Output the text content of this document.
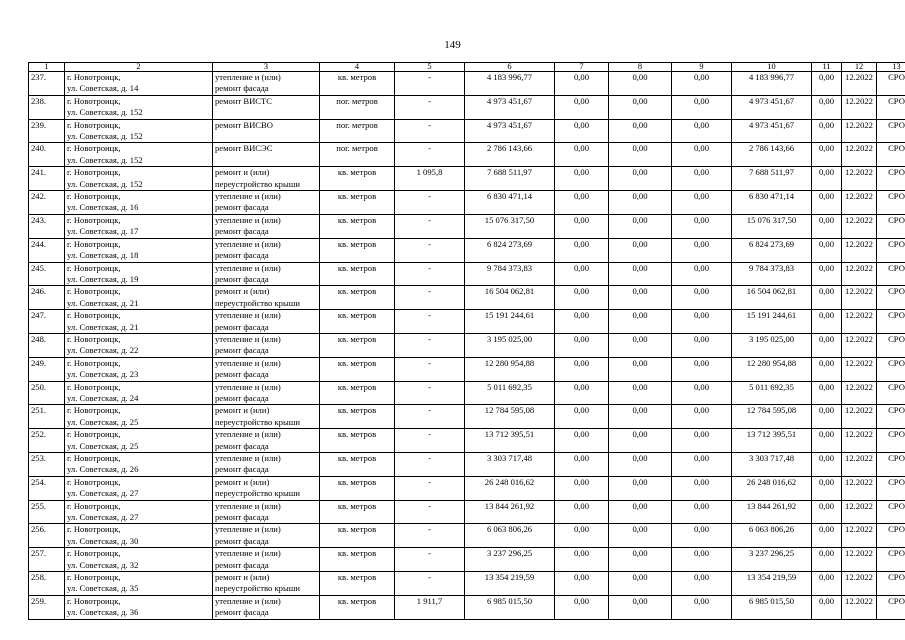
149
1	2	3	4	5	6	7	8	9	10	11	12	13

237.	г. Новотроицк,
ул. Советская, д. 14	утепление и (или)
ремонт фасада	кв. метров	-	4 183 996,77	0,00	0,00	0,00	4 183 996,77	0,00	12.2022	СРО

238.	г. Новотроицк,
ул. Советская, д. 152	ремонт ВИСТС	пог. метров	-	4 973 451,67	0,00	0,00	0,00	4 973 451,67	0,00	12.2022	СРО

239.	г. Новотроицк,
ул. Советская, д. 152	ремонт ВИСВО	пог. метров	-	4 973 451,67	0,00	0,00	0,00	4 973 451,67	0,00	12.2022	СРО

240.	г. Новотроицк,
ул. Советская, д. 152	ремонт ВИСЭС	пог. метров	-	2 786 143,66	0,00	0,00	0,00	2 786 143,66	0,00	12.2022	СРО

241.	г. Новотроицк,
ул. Советская, д. 152	ремонт и (или)
переустройство крыши	кв. метров	1 095,8	7 688 511,97	0,00	0,00	0,00	7 688 511,97	0,00	12.2022	СРО

242.	г. Новотроицк,
ул. Советская, д. 16	утепление и (или)
ремонт фасада	кв. метров	-	6 830 471,14	0,00	0,00	0,00	6 830 471,14	0,00	12.2022	СРО

243.	г. Новотроицк,
ул. Советская, д. 17	утепление и (или)
ремонт фасада	кв. метров	-	15 076 317,50	0,00	0,00	0,00	15 076 317,50	0,00	12.2022	СРО

244.	г. Новотроицк,
ул. Советская, д. 18	утепление и (или)
ремонт фасада	кв. метров	-	6 824 273,69	0,00	0,00	0,00	6 824 273,69	0,00	12.2022	СРО

245.	г. Новотроицк,
ул. Советская, д. 19	утепление и (или)
ремонт фасада	кв. метров	-	9 784 373,83	0,00	0,00	0,00	9 784 373,83	0,00	12.2022	СРО

246.	г. Новотроицк,
ул. Советская, д. 21	ремонт и (или)
переустройство крыши	кв. метров	-	16 504 062,81	0,00	0,00	0,00	16 504 062,81	0,00	12.2022	СРО

247.	г. Новотроицк,
ул. Советская, д. 21	утепление и (или)
ремонт фасада	кв. метров	-	15 191 244,61	0,00	0,00	0,00	15 191 244,61	0,00	12.2022	СРО

248.	г. Новотроицк,
ул. Советская, д. 22	утепление и (или)
ремонт фасада	кв. метров	-	3 195 025,00	0,00	0,00	0,00	3 195 025,00	0,00	12.2022	СРО

249.	г. Новотроицк,
ул. Советская, д. 23	утепление и (или)
ремонт фасада	кв. метров	-	12 280 954,88	0,00	0,00	0,00	12 280 954,88	0,00	12.2022	СРО

250.	г. Новотроицк,
ул. Советская, д. 24	утепление и (или)
ремонт фасада	кв. метров	-	5 011 692,35	0,00	0,00	0,00	5 011 692,35	0,00	12.2022	СРО

251.	г. Новотроицк,
ул. Советская, д. 25	ремонт и (или)
переустройство крыши	кв. метров	-	12 784 595,08	0,00	0,00	0,00	12 784 595,08	0,00	12.2022	СРО

252.	г. Новотроицк,
ул. Советская, д. 25	утепление и (или)
ремонт фасада	кв. метров	-	13 712 395,51	0,00	0,00	0,00	13 712 395,51	0,00	12.2022	СРО

253.	г. Новотроицк,
ул. Советская, д. 26	утепление и (или)
ремонт фасада	кв. метров	-	3 303 717,48	0,00	0,00	0,00	3 303 717,48	0,00	12.2022	СРО

254.	г. Новотроицк,
ул. Советская, д. 27	ремонт и (или)
переустройство крыши	кв. метров	-	26 248 016,62	0,00	0,00	0,00	26 248 016,62	0,00	12.2022	СРО

255.	г. Новотроицк,
ул. Советская, д. 27	утепление и (или)
ремонт фасада	кв. метров	-	13 844 261,92	0,00	0,00	0,00	13 844 261,92	0,00	12.2022	СРО

256.	г. Новотроицк,
ул. Советская, д. 30	утепление и (или)
ремонт фасада	кв. метров	-	6 063 806,26	0,00	0,00	0,00	6 063 806,26	0,00	12.2022	СРО

257.	г. Новотроицк,
ул. Советская, д. 32	утепление и (или)
ремонт фасада	кв. метров	-	3 237 296,25	0,00	0,00	0,00	3 237 296,25	0,00	12.2022	СРО

258.	г. Новотроицк,
ул. Советская, д. 35	ремонт и (или)
переустройство крыши	кв. метров	-	13 354 219,59	0,00	0,00	0,00	13 354 219,59	0,00	12.2022	СРО

259.	г. Новотроицк,
ул. Советская, д. 36	утепление и (или)
ремонт фасада	кв. метров	1 911,7	6 985 015,50	0,00	0,00	0,00	6 985 015,50	0,00	12.2022	СРО
